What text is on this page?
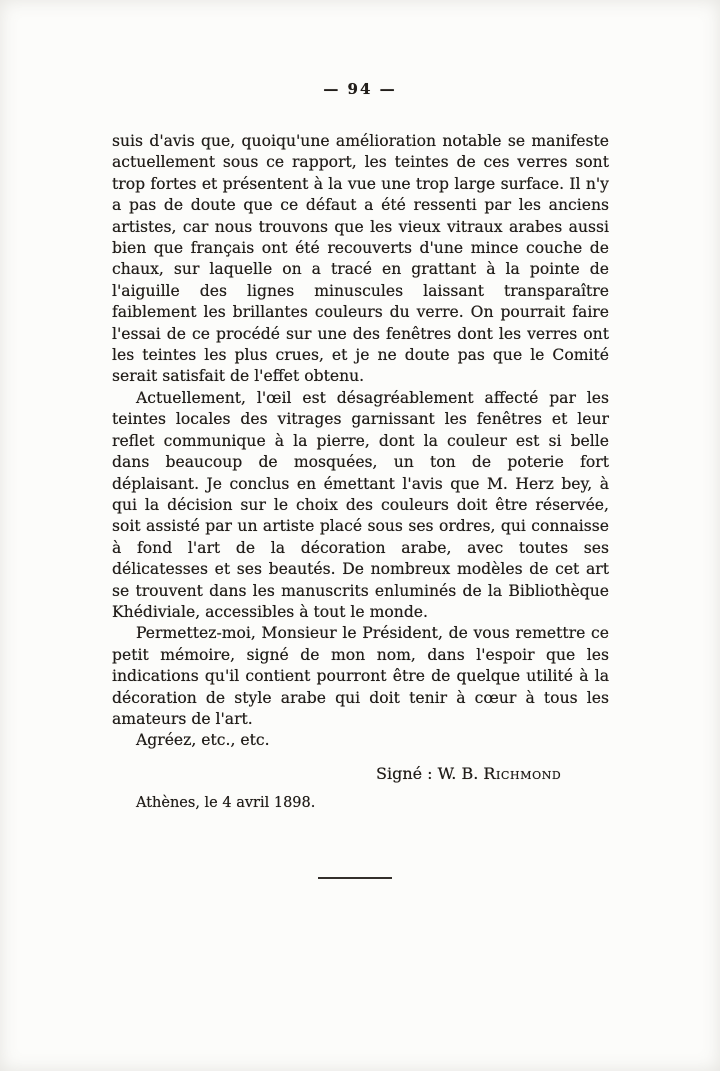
— 94 —

suis d'avis que, quoiqu'une amélioration notable se manifeste actuellement sous ce rapport, les teintes de ces verres sont trop fortes et présentent à la vue une trop large surface. Il n'y a pas de doute que ce défaut a été ressenti par les anciens artistes, car nous trouvons que les vieux vitraux arabes aussi bien que français ont été recouverts d'une mince couche de chaux, sur laquelle on a tracé en grattant à la pointe de l'aiguille des lignes minuscules laissant transparaître faiblement les brillantes couleurs du verre. On pourrait faire l'essai de ce procédé sur une des fenêtres dont les verres ont les teintes les plus crues, et je ne doute pas que le Comité serait satisfait de l'effet obtenu.

Actuellement, l'œil est désagréablement affecté par les teintes locales des vitrages garnissant les fenêtres et leur reflet communique à la pierre, dont la couleur est si belle dans beaucoup de mosquées, un ton de poterie fort déplaisant. Je conclus en émettant l'avis que M. Herz bey, à qui la décision sur le choix des couleurs doit être réservée, soit assisté par un artiste placé sous ses ordres, qui connaisse à fond l'art de la décoration arabe, avec toutes ses délicatesses et ses beautés. De nombreux modèles de cet art se trouvent dans les manuscrits enluminés de la Bibliothèque Khédiviale, accessibles à tout le monde.

Permettez-moi, Monsieur le Président, de vous remettre ce petit mémoire, signé de mon nom, dans l'espoir que les indications qu'il contient pourront être de quelque utilité à la décoration de style arabe qui doit tenir à cœur à tous les amateurs de l'art.

Agréez, etc., etc.

Signé : W. B. Richmond
Athènes, le 4 avril 1898.
